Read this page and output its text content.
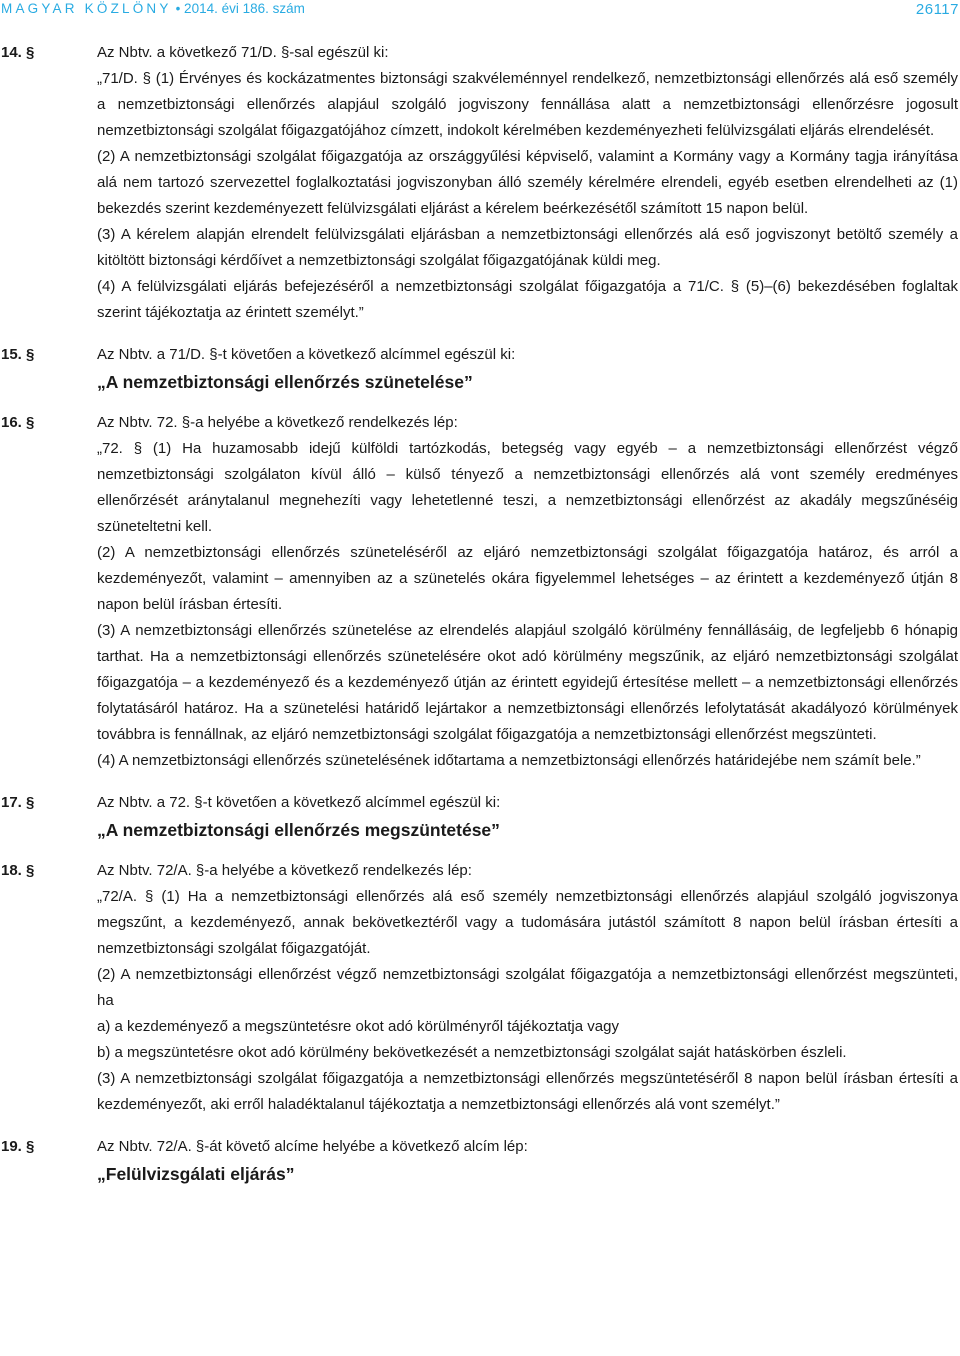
MAGYAR KÖZLÖNY • 2014. évi 186. szám	26117
14. §	Az Nbtv. a következő 71/D. §-sal egészül ki:

„71/D. § (1) Érvényes és kockázatmentes biztonsági szakvéleménnyel rendelkező, nemzetbiztonsági ellenőrzés alá eső személy a nemzetbiztonsági ellenőrzés alapjául szolgáló jogviszony fennállása alatt a nemzetbiztonsági ellenőrzésre jogosult nemzetbiztonsági szolgálat főigazgatójához címzett, indokolt kérelmében kezdeményezheti felülvizsgálati eljárás elrendelését.

(2) A nemzetbiztonsági szolgálat főigazgatója az országgyűlési képviselő, valamint a Kormány vagy a Kormány tagja irányítása alá nem tartozó szervezettel foglalkoztatási jogviszonyban álló személy kérelmére elrendeli, egyéb esetben elrendelheti az (1) bekezdés szerint kezdeményezett felülvizsgálati eljárást a kérelem beérkezésétől számított 15 napon belül.

(3) A kérelem alapján elrendelt felülvizsgálati eljárásban a nemzetbiztonsági ellenőrzés alá eső jogviszonyt betöltő személy a kitöltött biztonsági kérdőívet a nemzetbiztonsági szolgálat főigazgatójának küldi meg.

(4) A felülvizsgálati eljárás befejezéséről a nemzetbiztonsági szolgálat főigazgatója a 71/C. § (5)–(6) bekezdésében foglaltak szerint tájékoztatja az érintett személyt.”

15. §	Az Nbtv. a 71/D. §-t követően a következő alcímmel egészül ki:

„A nemzetbiztonsági ellenőrzés szünetelése”

16. §	Az Nbtv. 72. §-a helyébe a következő rendelkezés lép:

„72. § (1) Ha huzamosabb idejű külföldi tartózkodás, betegség vagy egyéb – a nemzetbiztonsági ellenőrzést végző nemzetbiztonsági szolgálaton kívül álló – külső tényező a nemzetbiztonsági ellenőrzés alá vont személy eredményes ellenőrzését aránytalanul megnehezíti vagy lehetetlenné teszi, a nemzetbiztonsági ellenőrzést az akadály megszűnéséig szüneteltetni kell.

(2) A nemzetbiztonsági ellenőrzés szüneteléséről az eljáró nemzetbiztonsági szolgálat főigazgatója határoz, és arról a kezdeményezőt, valamint – amennyiben az a szünetelés okára figyelemmel lehetséges – az érintett a kezdeményező útján 8 napon belül írásban értesíti.

(3) A nemzetbiztonsági ellenőrzés szünetelése az elrendelés alapjául szolgáló körülmény fennállásáig, de legfeljebb 6 hónapig tarthat. Ha a nemzetbiztonsági ellenőrzés szünetelésére okot adó körülmény megszűnik, az eljáró nemzetbiztonsági szolgálat főigazgatója – a kezdeményező és a kezdeményező útján az érintett egyidejű értesítése mellett – a nemzetbiztonsági ellenőrzés folytatásáról határoz. Ha a szünetelési határidő lejártakor a nemzetbiztonsági ellenőrzés lefolytatását akadályozó körülmények továbbra is fennállnak, az eljáró nemzetbiztonsági szolgálat főigazgatója a nemzetbiztonsági ellenőrzést megszünteti.

(4) A nemzetbiztonsági ellenőrzés szünetelésének időtartama a nemzetbiztonsági ellenőrzés határidejébe nem számít bele.”

17. §	Az Nbtv. a 72. §-t követően a következő alcímmel egészül ki:

„A nemzetbiztonsági ellenőrzés megszüntetése”

18. §	Az Nbtv. 72/A. §-a helyébe a következő rendelkezés lép:

„72/A. § (1) Ha a nemzetbiztonsági ellenőrzés alá eső személy nemzetbiztonsági ellenőrzés alapjául szolgáló jogviszonya megszűnt, a kezdeményező, annak bekövetkeztéről vagy a tudomására jutástól számított 8 napon belül írásban értesíti a nemzetbiztonsági szolgálat főigazgatóját.

(2) A nemzetbiztonsági ellenőrzést végző nemzetbiztonsági szolgálat főigazgatója a nemzetbiztonsági ellenőrzést megszünteti, ha

a) a kezdeményező a megszüntetésre okot adó körülményről tájékoztatja vagy

b) a megszüntetésre okot adó körülmény bekövetkezését a nemzetbiztonsági szolgálat saját hatáskörben észleli.

(3) A nemzetbiztonsági szolgálat főigazgatója a nemzetbiztonsági ellenőrzés megszüntetéséről 8 napon belül írásban értesíti a kezdeményezőt, aki erről haladéktalanul tájékoztatja a nemzetbiztonsági ellenőrzés alá vont személyt.”

19. §	Az Nbtv. 72/A. §-át követő alcíme helyébe a következő alcím lép:

„Felülvizsgálati eljárás”
